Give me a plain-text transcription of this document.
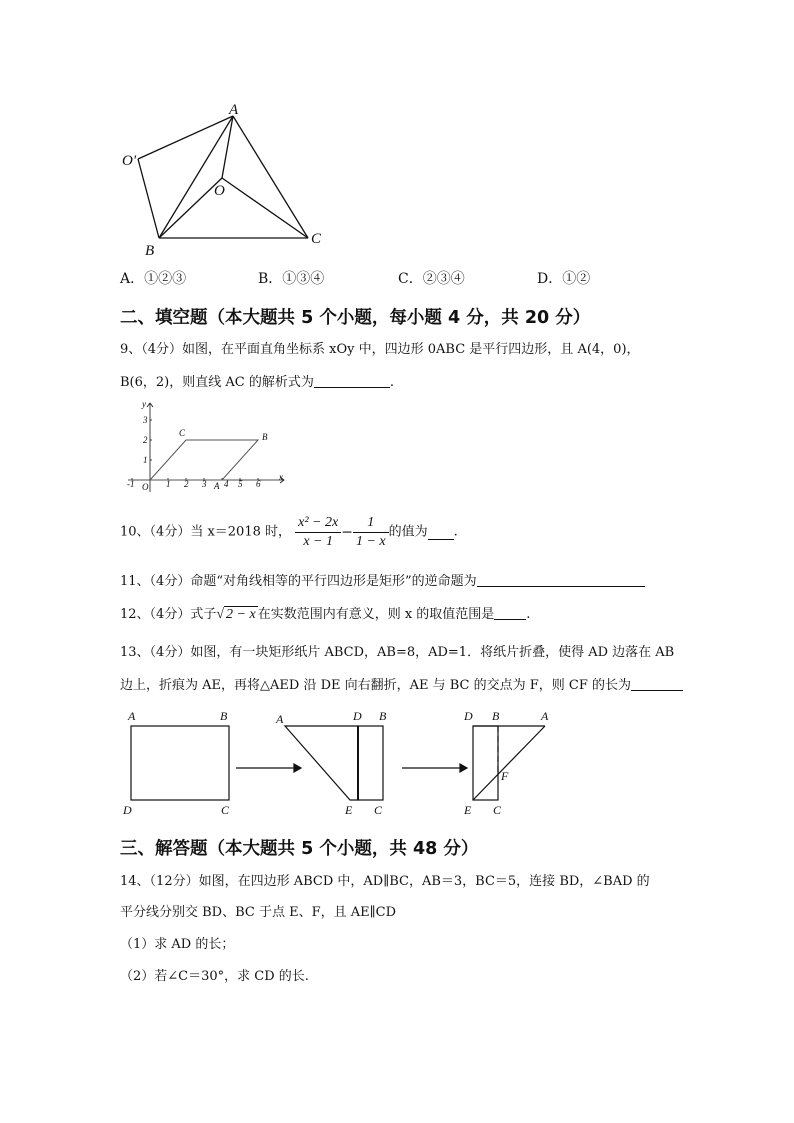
A
O′
O
B
C
A．①②③	B．①③④	C．②③④	D．①②
二、填空题（本大题共 5 个小题，每小题 4 分，共 20 分）
9、（4分）如图，在平面直角坐标系 xOy 中，四边形 0ABC 是平行四边形，且 A(4，0)，
B(6，2)，则直线 AC 的解析式为	.
-1	1 2 3 4 5 6
1
2
3
y
x
O	A
B
C
10、（4分）当 x＝2018 时， $\frac{\text{x² − 2x}}{x - 1} - \frac{1}{1 - x}$ 的值为 .
11、（4分）命题“对角线相等的平行四边形是矩形”的逆命题为
12、（4分）式子√ 2 − x 在实数范围内有意义，则 x 的取值范围是 .
13、（4分）如图，有一块矩形纸片 ABCD，AB=8，AD=1．将纸片折叠，使得 AD 边落在 AB
边上，折痕为 AE，再将△AED 沿 DE 向右翻折，AE 与 BC 的交点为 F，则 CF 的长为
A	B
D	C
A	D B
E C
D B	A
F
E C
三、解答题（本大题共 5 个小题，共 48 分）
14、（12分）如图，在四边形 ABCD 中，AD∥BC，AB＝3，BC＝5，连接 BD，∠BAD 的
平分线分别交 BD、BC 于点 E、F，且 AE∥CD
（1）求 AD 的长；
（2）若∠C＝30°，求 CD 的长.
